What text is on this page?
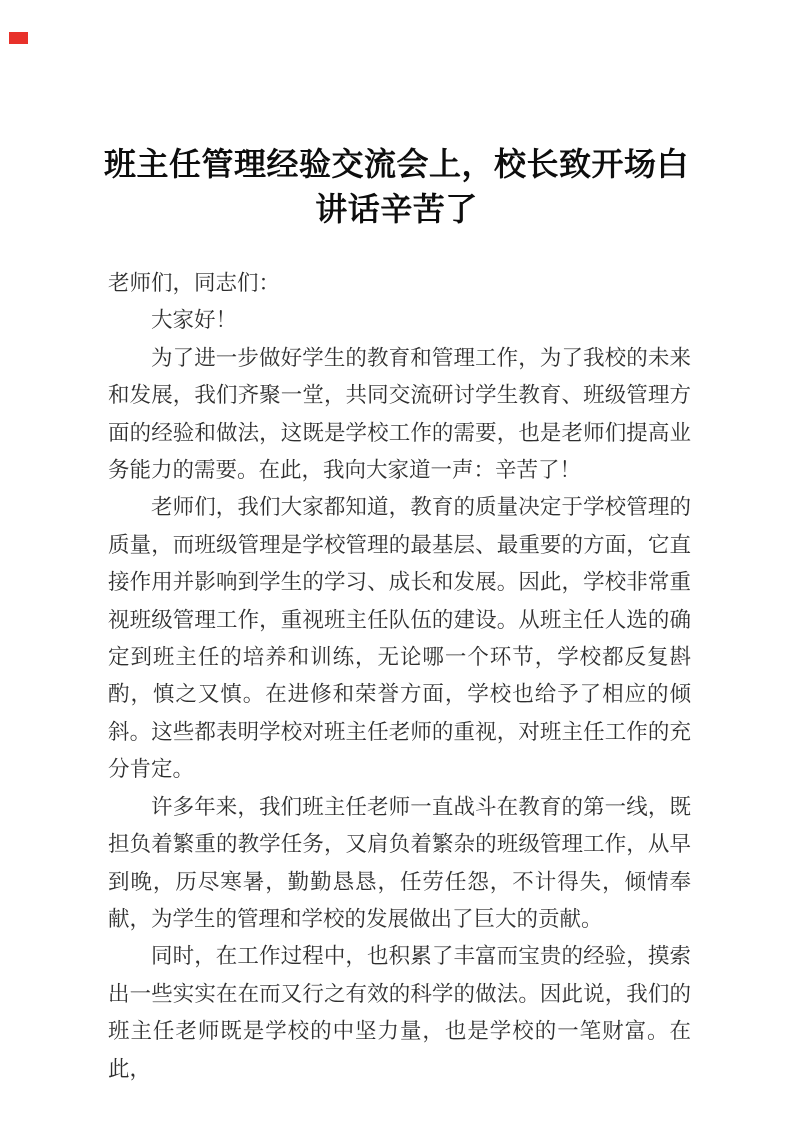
班主任管理经验交流会上，校长致开场白
讲话辛苦了

老师们，同志们：

大家好！

为了进一步做好学生的教育和管理工作，为了我校的未来和发展，我们齐聚一堂，共同交流研讨学生教育、班级管理方面的经验和做法，这既是学校工作的需要，也是老师们提高业务能力的需要。在此，我向大家道一声：辛苦了！

老师们，我们大家都知道，教育的质量决定于学校管理的质量，而班级管理是学校管理的最基层、最重要的方面，它直接作用并影响到学生的学习、成长和发展。因此，学校非常重视班级管理工作，重视班主任队伍的建设。从班主任人选的确定到班主任的培养和训练，无论哪一个环节，学校都反复斟酌，慎之又慎。在进修和荣誉方面，学校也给予了相应的倾斜。这些都表明学校对班主任老师的重视，对班主任工作的充分肯定。

许多年来，我们班主任老师一直战斗在教育的第一线，既担负着繁重的教学任务，又肩负着繁杂的班级管理工作，从早到晚，历尽寒暑，勤勤恳恳，任劳任怨，不计得失，倾情奉献，为学生的管理和学校的发展做出了巨大的贡献。

同时，在工作过程中，也积累了丰富而宝贵的经验，摸索出一些实实在在而又行之有效的科学的做法。因此说，我们的班主任老师既是学校的中坚力量，也是学校的一笔财富。在此，
